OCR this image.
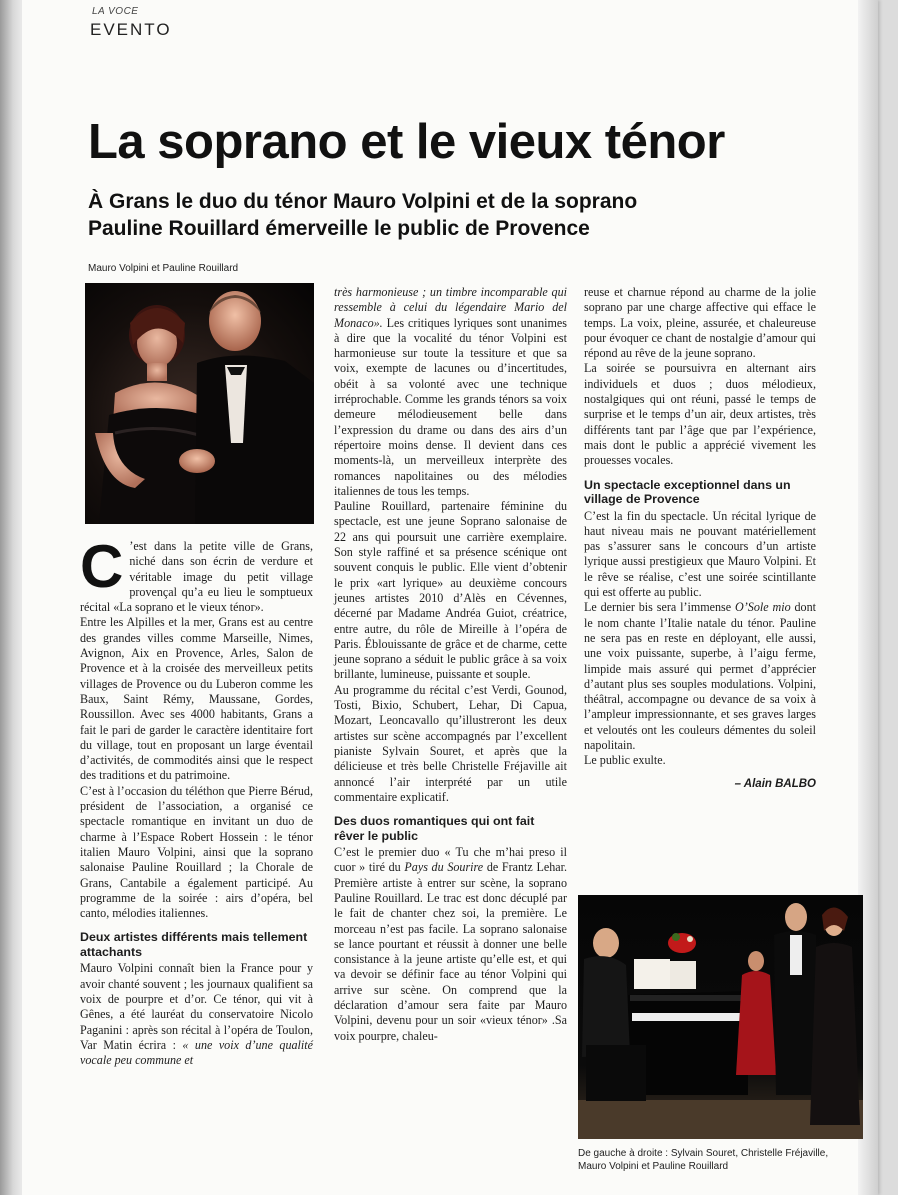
LA VOCE
EVENTO
La soprano et le vieux ténor
À Grans le duo du ténor Mauro Volpini et de la soprano
Pauline Rouillard émerveille le public de Provence
Mauro Volpini et Pauline Rouillard
C ’est dans la petite ville de Grans, niché dans son écrin de verdure et véritable image du petit village provençal qu’a eu lieu le somptueux récital «La soprano et le vieux ténor».

Entre les Alpilles et la mer, Grans est au centre des grandes villes comme Marseille, Nimes, Avignon, Aix en Provence, Arles, Salon de Provence et à la croisée des merveilleux petits villages de Provence ou du Luberon comme les Baux, Saint Rémy, Maussane, Gordes, Roussillon. Avec ses 4000 habitants, Grans a fait le pari de garder le caractère identitaire fort du village, tout en proposant un large éventail d’activités, de commodités ainsi que le respect des traditions et du patrimoine.

C’est à l’occasion du téléthon que Pierre Bérud, président de l’association, a organisé ce spectacle romantique en invitant un duo de charme à l’Espace Robert Hossein : le ténor italien Mauro Volpini, ainsi que la soprano salonaise Pauline Rouillard ; la Chorale de Grans, Cantabile a également participé. Au programme de la soirée : airs d’opéra, bel canto, mélodies italiennes.

Deux artistes différents mais tellement attachants

Mauro Volpini connaît bien la France pour y avoir chanté souvent ; les journaux qualifient sa voix de pourpre et d’or. Ce ténor, qui vit à Gênes, a été lauréat du conservatoire Nicolo Paganini : après son récital à l’opéra de Toulon, Var Matin écrira : « une voix d’une qualité vocale peu commune et

très harmonieuse ; un timbre incomparable qui ressemble à celui du légendaire Mario del Monaco». Les critiques lyriques sont unanimes à dire que la vocalité du ténor Volpini est harmonieuse sur toute la tessiture et que sa voix, exempte de lacunes ou d’incertitudes, obéit à sa volonté avec une technique irréprochable. Comme les grands ténors sa voix demeure mélodieusement belle dans l’expression du drame ou dans des airs d’un répertoire moins dense. Il devient dans ces moments-là, un merveilleux interprète des romances napolitaines ou des mélodies italiennes de tous les temps.

Pauline Rouillard, partenaire féminine du spectacle, est une jeune Soprano salonaise de 22 ans qui poursuit une carrière exemplaire. Son style raffiné et sa présence scénique ont souvent conquis le public. Elle vient d’obtenir le prix «art lyrique» au deuxième concours jeunes artistes 2010 d’Alès en Cévennes, décerné par Madame Andréa Guiot, créatrice, entre autre, du rôle de Mireille à l’opéra de Paris. Éblouissante de grâce et de charme, cette jeune soprano a séduit le public grâce à sa voix brillante, lumineuse, puissante et souple.

Au programme du récital c’est Verdi, Gounod, Tosti, Bixio, Schubert, Lehar, Di Capua, Mozart, Leoncavallo qu’illustreront les deux artistes sur scène accompagnés par l’excellent pianiste Sylvain Souret, et après que la délicieuse et très belle Christelle Fréjaville ait annoncé l’air interprété par un utile commentaire explicatif.

Des duos romantiques qui ont fait rêver le public

C’est le premier duo « Tu che m’hai preso il cuor » tiré du Pays du Sourire de Frantz Lehar. Première artiste à entrer sur scène, la soprano Pauline Rouillard. Le trac est donc décuplé par le fait de chanter chez soi, la première. Le morceau n’est pas facile. La soprano salonaise se lance pourtant et réussit à donner une belle consistance à la jeune artiste qu’elle est, et qui va devoir se définir face au ténor Volpini qui arrive sur scène. On comprend que la déclaration d’amour sera faite par Mauro Volpini, devenu pour un soir «vieux ténor» .Sa voix pourpre, chaleu-

reuse et charnue répond au charme de la jolie soprano par une charge affective qui efface le temps. La voix, pleine, assurée, et chaleureuse pour évoquer ce chant de nostalgie d’amour qui répond au rêve de la jeune soprano.

La soirée se poursuivra en alternant airs individuels et duos ; duos mélodieux, nostalgiques qui ont réuni, passé le temps de surprise et le temps d’un air, deux artistes, très différents tant par l’âge que par l’expérience, mais dont le public a apprécié vivement les prouesses vocales.

Un spectacle exceptionnel dans un village de Provence

C’est la fin du spectacle. Un récital lyrique de haut niveau mais ne pouvant matériellement pas s’assurer sans le concours d’un artiste lyrique aussi prestigieux que Mauro Volpini. Et le rêve se réalise, c’est une soirée scintillante qui est offerte au public.

Le dernier bis sera l’immense O’Sole mio dont le nom chante l’Italie natale du ténor. Pauline ne sera pas en reste en déployant, elle aussi, une voix puissante, superbe, à l’aigu ferme, limpide mais assuré qui permet d’apprécier d’autant plus ses souples modulations. Volpini, théâtral, accompagne ou devance de sa voix à l’ampleur impressionnante, et ses graves larges et veloutés ont les couleurs démentes du soleil napolitain.

Le public exulte.

– Alain BALBO
De gauche à droite : Sylvain Souret, Christelle Fréjaville, Mauro Volpini et Pauline Rouillard
